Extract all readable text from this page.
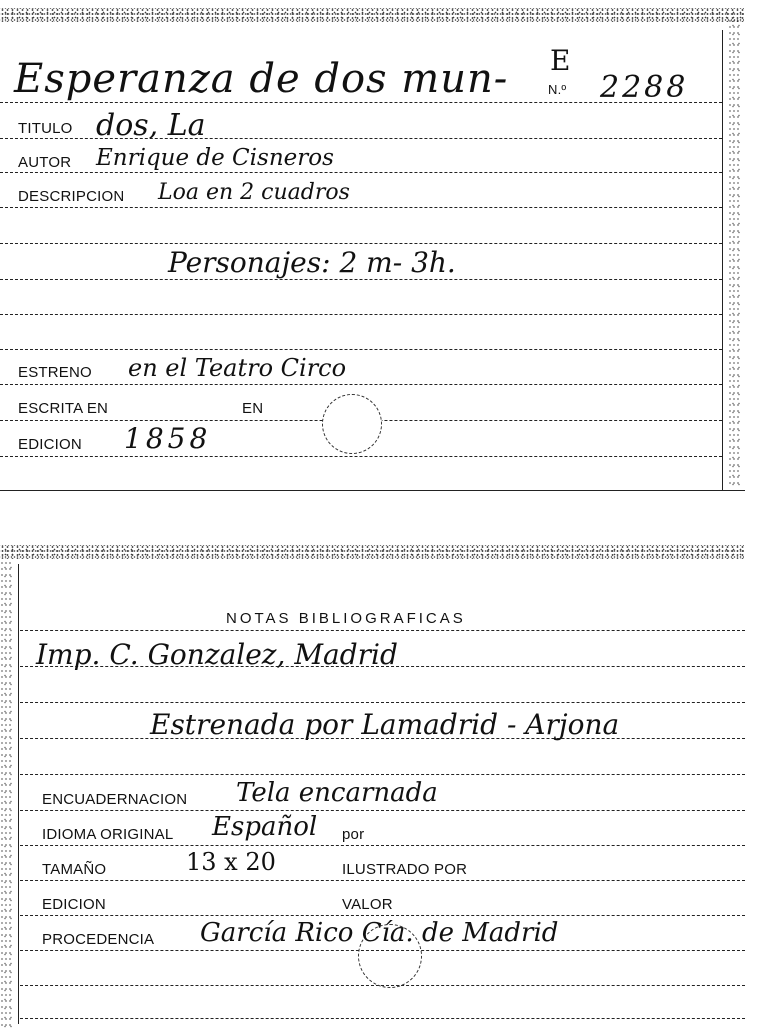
Esperanza de dos mun-	N.º
E
2288
TITULO dos, La
AUTOR Enrique de Cisneros
DESCRIPCION Loa en 2 cuadros
Personajes: 2 m- 3h.
ESTRENO en el Teatro Circo
ESCRITA EN	EN
EDICION 1858
NOTAS BIBLIOGRAFICAS
Imp. C. Gonzalez, Madrid
Estrenada por Lamadrid - Arjona
ENCUADERNACION Tela encarnada
IDIOMA ORIGINAL Español por
TAMAÑO	13 x 20	ILUSTRADO POR
EDICION	VALOR
PROCEDENCIA García Rico Cía. de Madrid
